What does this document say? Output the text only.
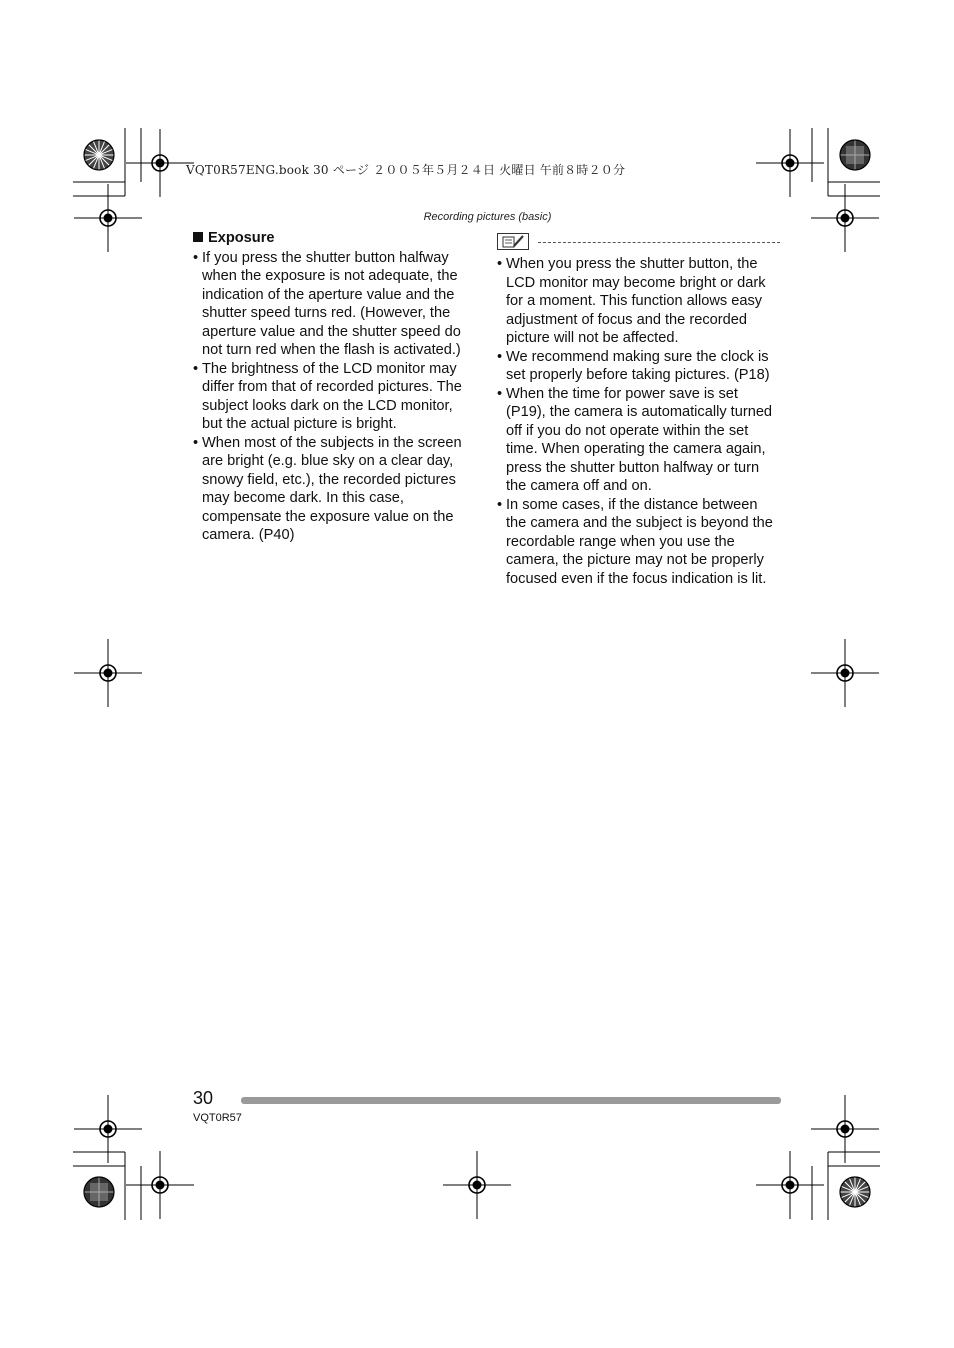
VQT0R57ENG.book 30 ページ ２００５年５月２４日 火曜日 午前８時２０分
Recording pictures (basic)
Exposure
• If you press the shutter button halfway when the exposure is not adequate, the indication of the aperture value and the shutter speed turns red. (However, the aperture value and the shutter speed do not turn red when the flash is activated.)
• The brightness of the LCD monitor may differ from that of recorded pictures. The subject looks dark on the LCD monitor, but the actual picture is bright.
• When most of the subjects in the screen are bright (e.g. blue sky on a clear day, snowy field, etc.), the recorded pictures may become dark. In this case, compensate the exposure value on the camera. (P40)
• When you press the shutter button, the LCD monitor may become bright or dark for a moment. This function allows easy adjustment of focus and the recorded picture will not be affected.
• We recommend making sure the clock is set properly before taking pictures. (P18)
• When the time for power save is set (P19), the camera is automatically turned off if you do not operate within the set time. When operating the camera again, press the shutter button halfway or turn the camera off and on.
• In some cases, if the distance between the camera and the subject is beyond the recordable range when you use the camera, the picture may not be properly focused even if the focus indication is lit.
30
VQT0R57
